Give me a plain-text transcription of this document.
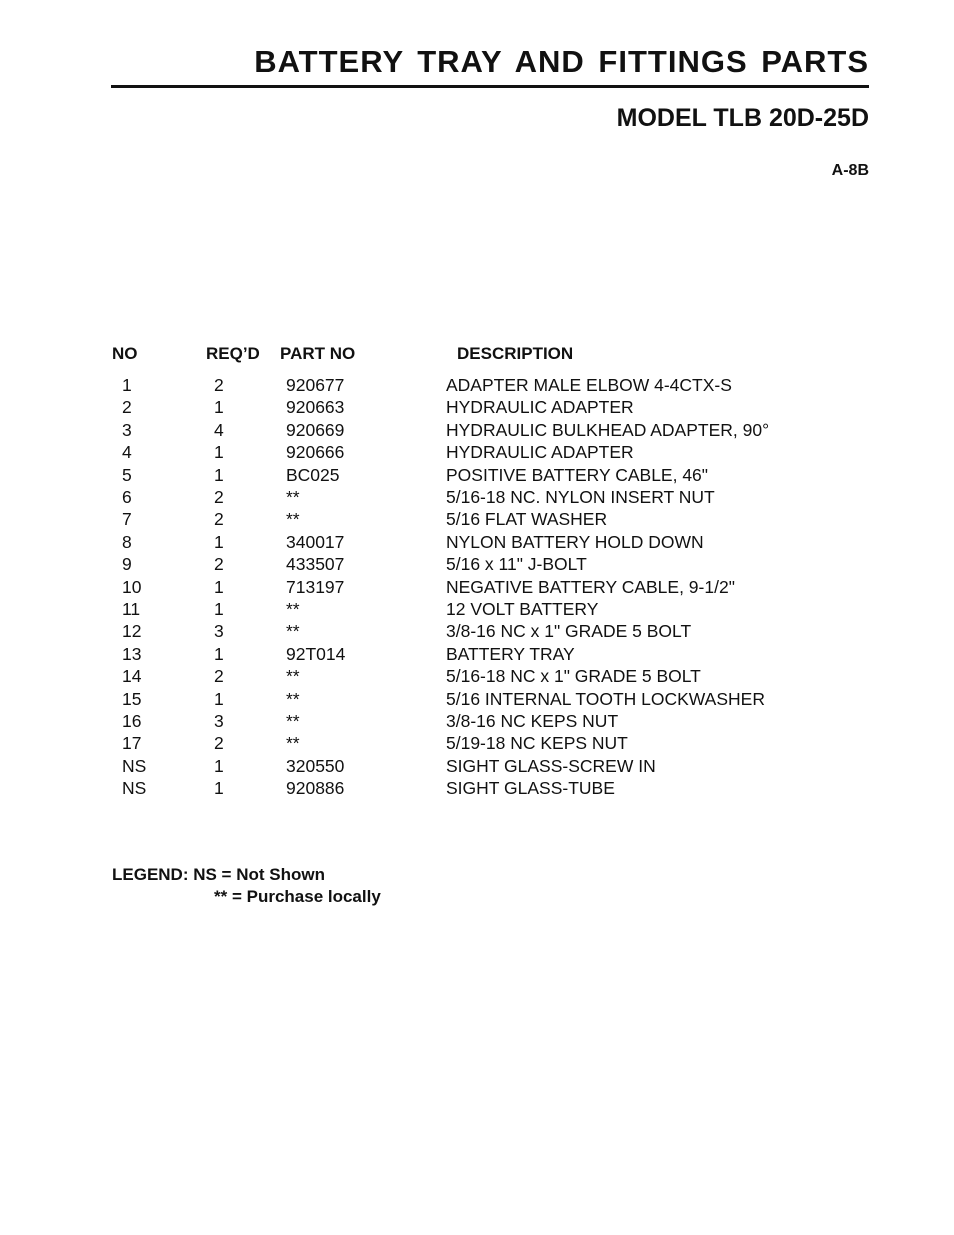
BATTERY TRAY AND FITTINGS PARTS
MODEL TLB 20D-25D
A-8B
NO	REQ’D PART NO	DESCRIPTION
1	2	920677	ADAPTER MALE ELBOW 4-4CTX-S
2	1	920663	HYDRAULIC ADAPTER
3	4	920669	HYDRAULIC BULKHEAD ADAPTER, 90°
4	1	920666	HYDRAULIC ADAPTER
5	1	BC025	POSITIVE BATTERY CABLE, 46"
6	2	**	5/16-18 NC. NYLON INSERT NUT
7	2	**	5/16 FLAT WASHER
8	1	340017	NYLON BATTERY HOLD DOWN
9	2	433507	5/16 x 11" J-BOLT
10	1	713197	NEGATIVE BATTERY CABLE, 9-1/2"
11	1	**	12 VOLT BATTERY
12	3	**	3/8-16 NC x 1" GRADE 5 BOLT
13	1	92T014	BATTERY TRAY
14	2	**	5/16-18 NC x 1" GRADE 5 BOLT
15	1	**	5/16 INTERNAL TOOTH LOCKWASHER
16	3	**	3/8-16 NC KEPS NUT
17	2	**	5/19-18 NC KEPS NUT
NS	1	320550	SIGHT GLASS-SCREW IN
NS	1	920886	SIGHT GLASS-TUBE
LEGEND: NS = Not Shown
** = Purchase locally
